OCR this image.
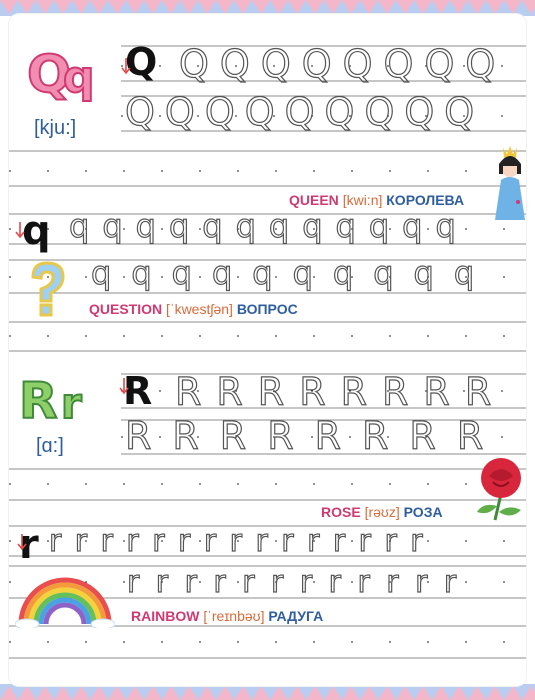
Q
q
[kju:]
Q QQQQQQQQ
QQQQQQQQQ
QUEEN [kwi:n] КОРОЛЕВА
q qqqqqqqqqqqq
qqqqqqqqqq
QUESTION [ˈkwestʃən] ВОПРОС
R r
[ɑ:]
R RRRRRRRR
RRRRRRRR
ROSE [rəʊz] РОЗА
r rrrrrrrrrrrrrrr
rrrrrrrrrrrr
RAINBOW [ˈreɪnbəʊ] РАДУГА
